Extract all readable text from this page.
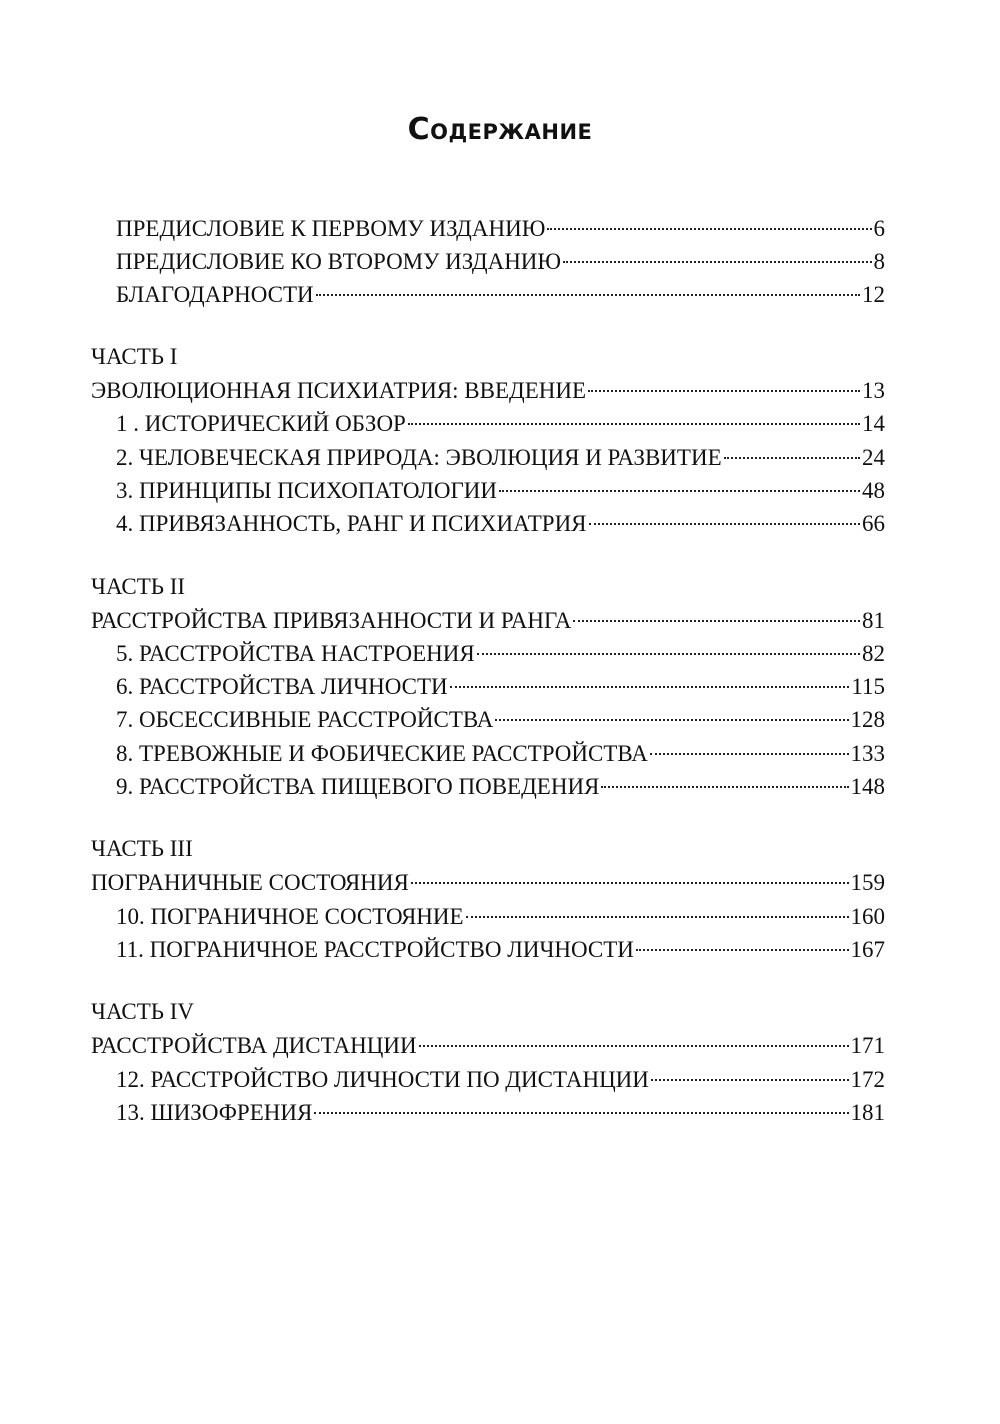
Содержание
ПРЕДИСЛОВИЕ К ПЕРВОМУ ИЗДАНИЮ	6
ПРЕДИСЛОВИЕ КО ВТОРОМУ ИЗДАНИЮ	8
БЛАГОДАРНОСТИ	12
ЧАСТЬ I
ЭВОЛЮЦИОННАЯ ПСИХИАТРИЯ: ВВЕДЕНИЕ	13
1 . ИСТОРИЧЕСКИЙ ОБЗОР	14
2. ЧЕЛОВЕЧЕСКАЯ ПРИРОДА: ЭВОЛЮЦИЯ И РАЗВИТИЕ	24
3. ПРИНЦИПЫ ПСИХОПАТОЛОГИИ	48
4. ПРИВЯЗАННОСТЬ, РАНГ И ПСИХИАТРИЯ	66
ЧАСТЬ II
РАССТРОЙСТВА ПРИВЯЗАННОСТИ И РАНГА	81
5. РАССТРОЙСТВА НАСТРОЕНИЯ	82
6. РАССТРОЙСТВА ЛИЧНОСТИ	115
7. ОБСЕССИВНЫЕ РАССТРОЙСТВА	128
8. ТРЕВОЖНЫЕ И ФОБИЧЕСКИЕ РАССТРОЙСТВА	133
9. РАССТРОЙСТВА ПИЩЕВОГО ПОВЕДЕНИЯ	148
ЧАСТЬ III
ПОГРАНИЧНЫЕ СОСТОЯНИЯ	159
10. ПОГРАНИЧНОЕ СОСТОЯНИЕ	160
11. ПОГРАНИЧНОЕ РАССТРОЙСТВО ЛИЧНОСТИ	167
ЧАСТЬ IV
РАССТРОЙСТВА ДИСТАНЦИИ	171
12. РАССТРОЙСТВО ЛИЧНОСТИ ПО ДИСТАНЦИИ	172
13. ШИЗОФРЕНИЯ	181
